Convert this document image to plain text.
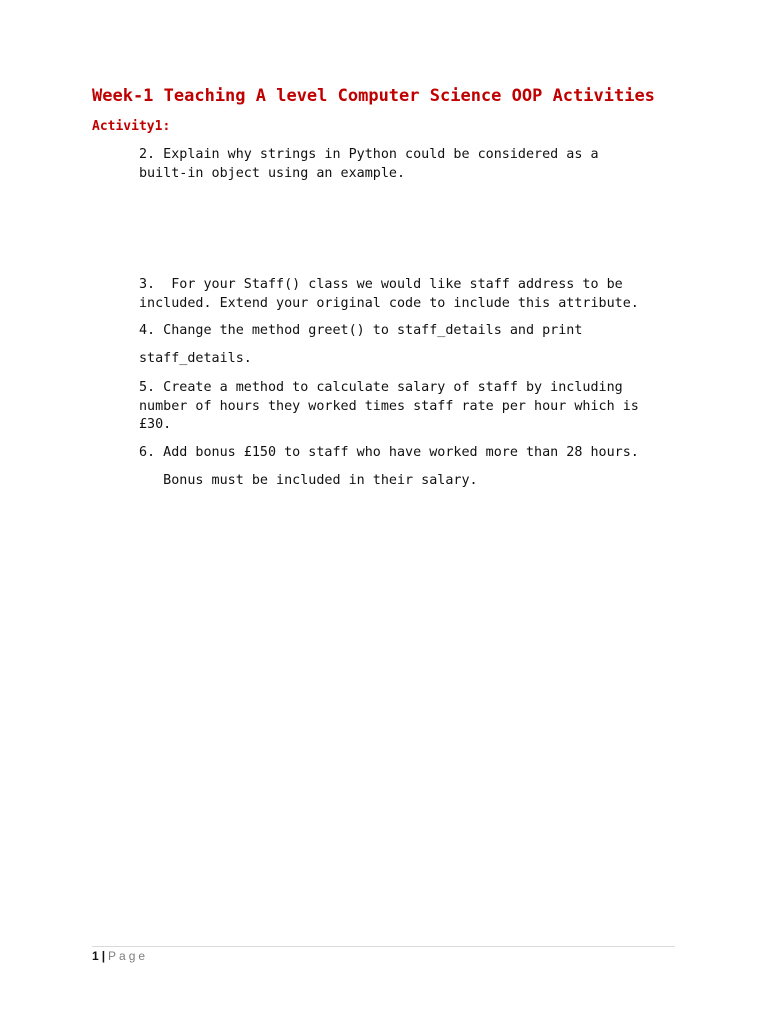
Week-1 Teaching A level Computer Science OOP Activities
Activity1:
2. Explain why strings in Python could be considered as a
built-in object using an example.
3.  For your Staff() class we would like staff address to be
included. Extend your original code to include this attribute.
4. Change the method greet() to staff_details and print
staff_details.
5. Create a method to calculate salary of staff by including
number of hours they worked times staff rate per hour which is
£30.
6. Add bonus £150 to staff who have worked more than 28 hours.
Bonus must be included in their salary.
1 | Page
